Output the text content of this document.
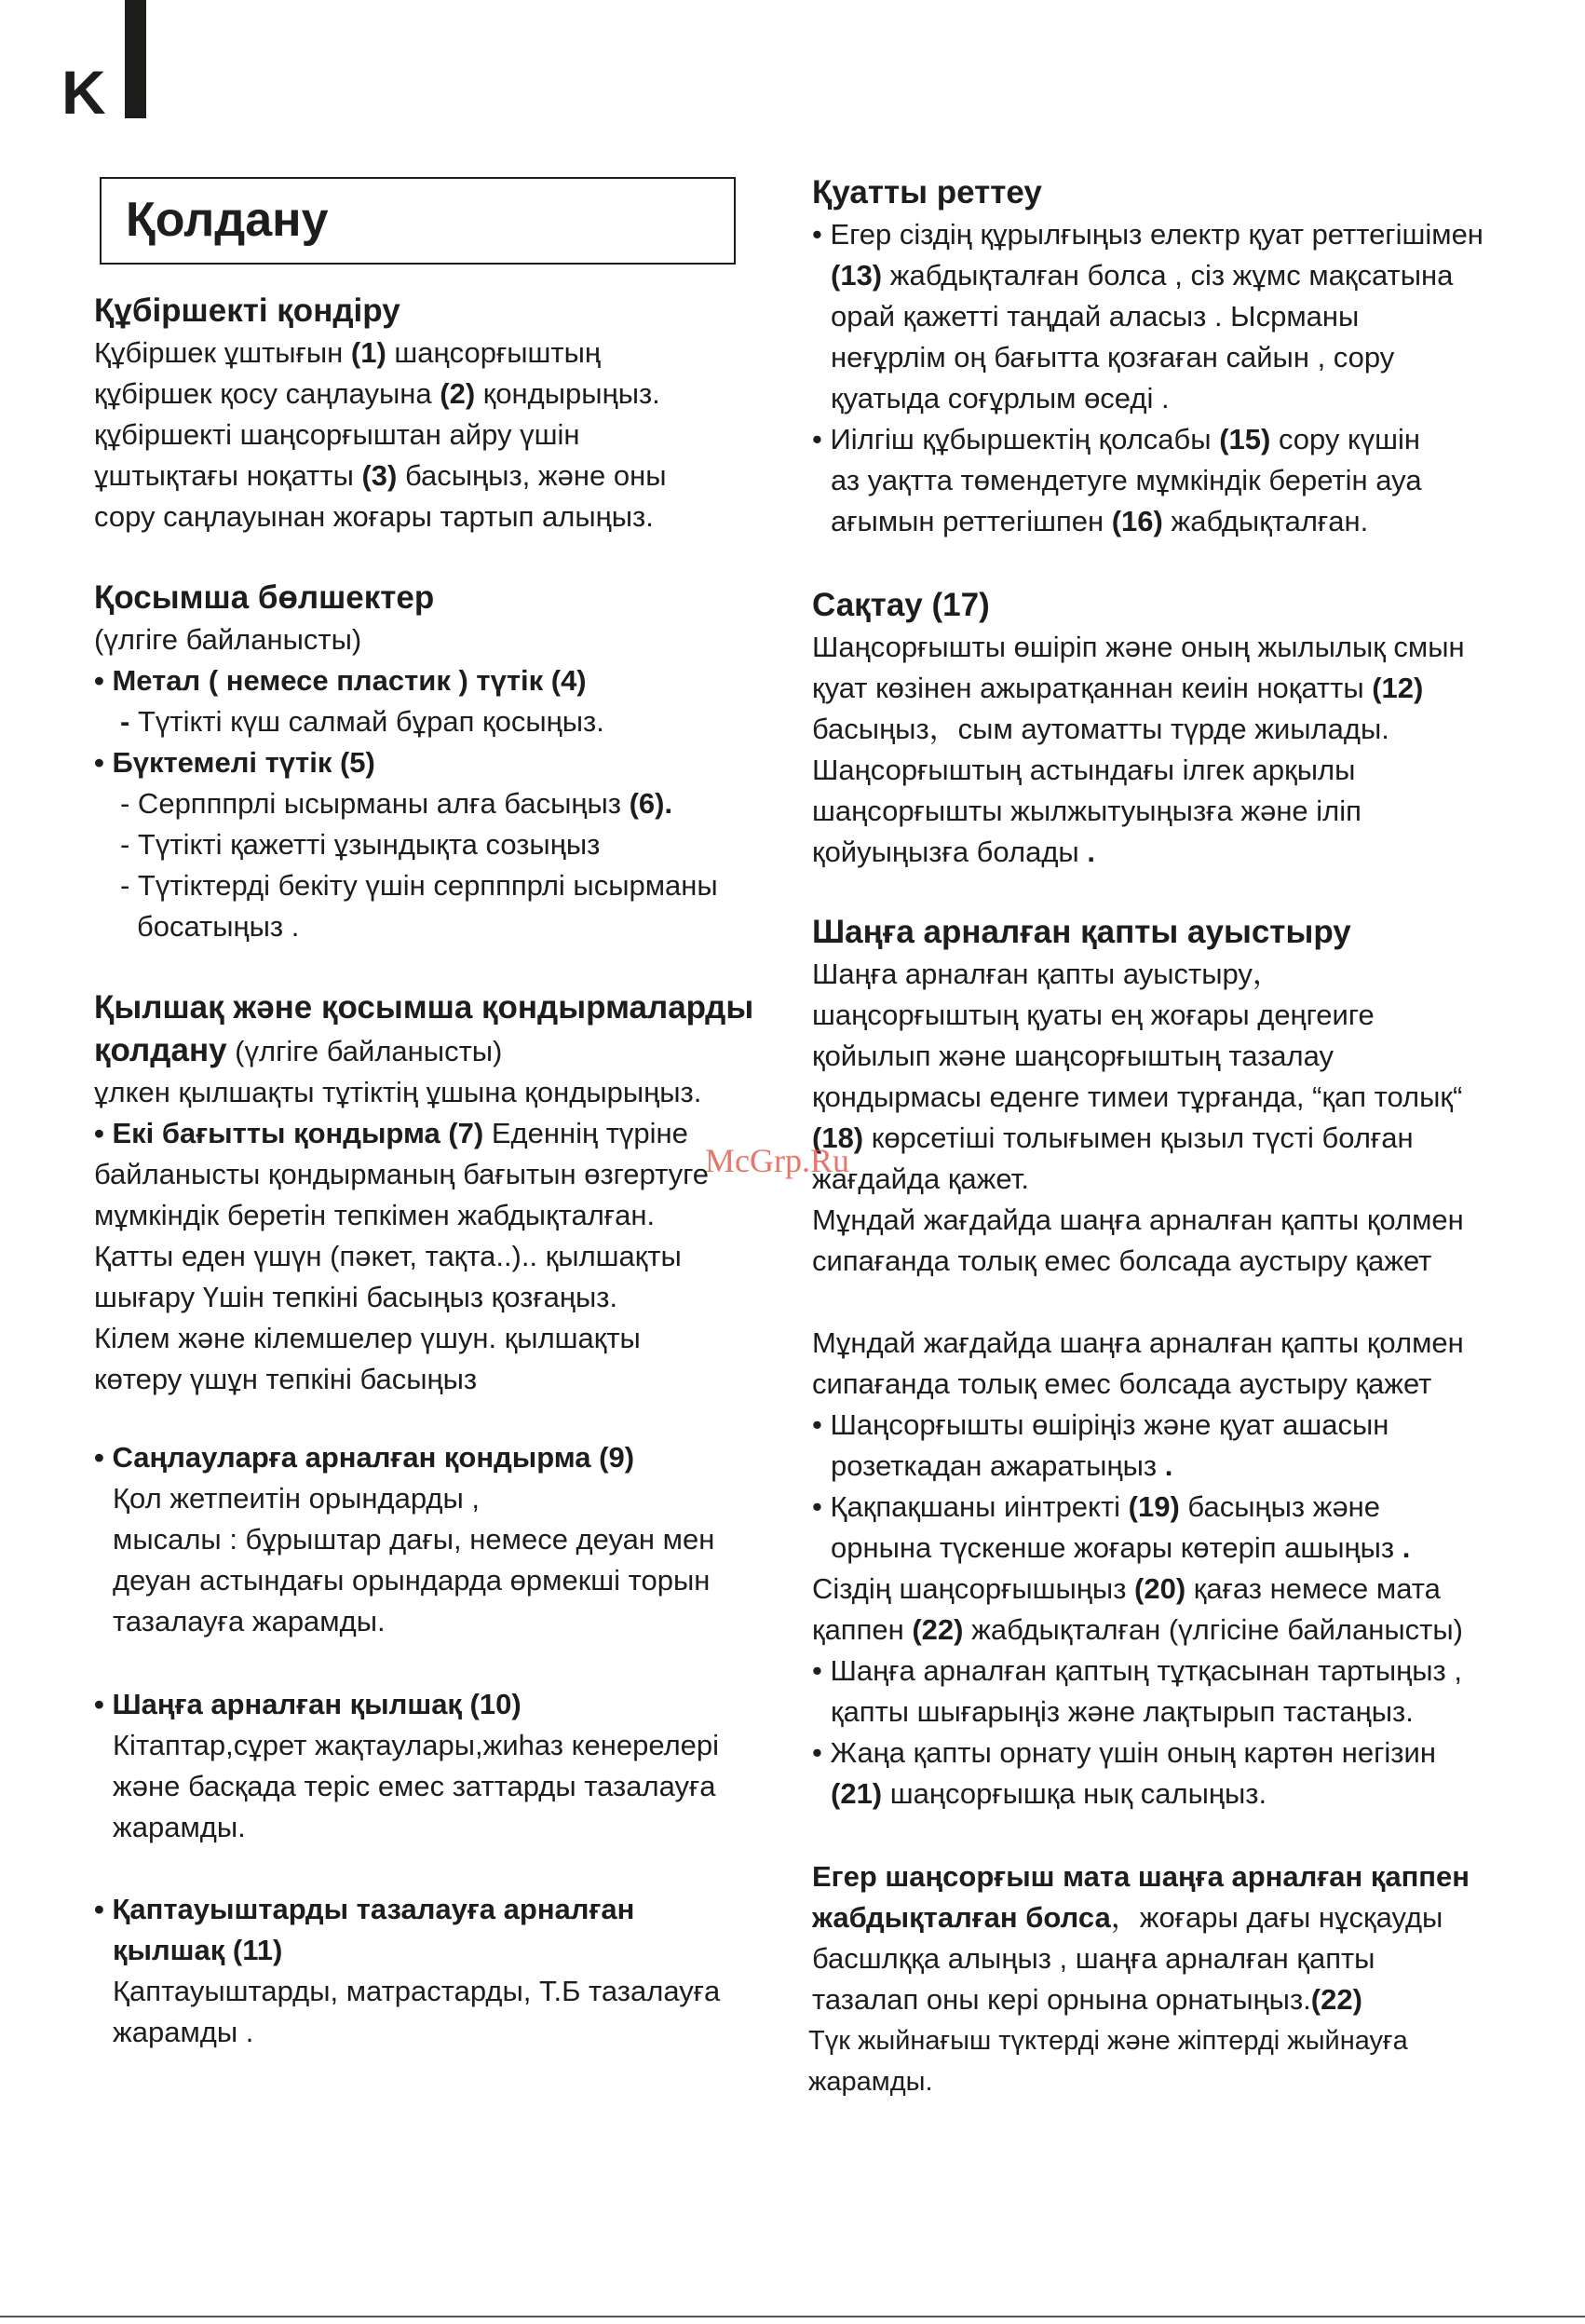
K
Қолдану
Құбіршекті қондіру

Құбіршек ұштығын (1) шаңсорғыштың

құбіршек қосу саңлауына (2) қондырыңыз.

құбіршекті шаңсорғыштан айру үшін

ұштықтағы ноқатты (3) басыңыз, және оны

сору саңлауынан жоғары тартып алыңыз.

Қосымша бөлшектер

(үлгіге байланысты)

• Метал ( немесе пластик ) түтік (4)

- Түтікті күш салмай бұрап қосыңыз.

• Бүктемелі түтік (5)

- Серпппрлі ысырманы алға басыңыз (6).

- Түтікті қажетті ұзындықта созыңыз

- Түтіктерді бекіту үшін серпппрлі ысырманы

босатыңыз .

Қылшақ және қосымша қондырмаларды
қолдану (үлгіге байланысты)

ұлкен қылшақты тұтіктің ұшына қондырыңыз.

• Екі бағытты қондырма (7) Еденнің түріне

байланысты қондырманың бағытын өзгертуге

мұмкіндік беретін тепкімен жабдықталған.

Қатты еден үшүн (пәкет, тақта..).. қылшақты

шығару Үшін тепкіні басыңыз қозғаңыз.

Кілем және кілемшелер үшун. қылшақты

көтеру үшұн тепкіні басыңыз

• Саңлауларға арналған қондырма (9)

Қол жетпеитін орындарды ,

мысалы : бұрыштар дағы, немесе деуан мен

деуан астындағы орындарда өрмекші торын

тазалауға жарамды.

• Шаңға арналған қылшақ (10)

Кітаптар,сұрет жақтаулары,жиһаз кенерелері

және басқада теріс емес заттарды тазалауға

жарамды.

• Қаптауыштарды тазалауға арналған

қылшақ (11)

Қаптауыштарды, матрастарды, Т.Б тазалауға

жарамды .

Қуатты реттеу

• Егер сіздің құрылғыңыз електр қуат реттегішімен

(13) жабдықталған болса , сіз жұмс мақсатына

орай қажетті таңдай аласыз . Ысрманы

неғұрлім оң бағытта қозғаған сайын , сору

қуатыда соғұрлым өседі .

• Иілгіш құбыршектің қолсабы (15) сору күшін

аз уақтта төмендетуге мұмкіндік беретін ауа

ағымын реттегішпен (16) жабдықталған.

Сақтау (17)

Шаңсорғышты өшіріп және оның жылылық смын

қуат көзінен ажыратқаннан кеиін ноқатты (12)

басыңыз，сым аутоматты түрде жиылады.

Шаңсорғыштың астындағы ілгек арқылы

шаңсорғышты жылжытуыңызға және іліп

қойуыңызға болады .

Шаңға арналған қапты ауыстыру

Шаңға арналған қапты ауыстыру，

шаңсорғыштың қуаты ең жоғары деңгеиге

қойылып және шаңсорғыштың тазалау

қондырмасы еденге тимеи тұрғанда, “қап толық“

(18) көрсетіші толығымен қызыл түсті болған

жағдайда қажет.

Мұндай жағдайда шаңға арналған қапты қолмен

сипағанда толық емес болсада аустыру қажет

Мұндай жағдайда шаңға арналған қапты қолмен

сипағанда толық емес болсада аустыру қажет

• Шаңсорғышты өшіріңіз және қуат ашасын

розеткадан ажаратыңыз .

• Қақпақшаны иінтректі (19) басыңыз және

орнына түскенше жоғары көтеріп ашыңыз .

Сіздің шаңсорғышыңыз (20) қағаз немесе мата

қаппен (22) жабдықталған (үлгісіне байланысты)

• Шаңға арналған қаптың тұтқасынан тартыңыз ,

қапты шығарыңіз және лақтырып тастаңыз.

• Жаңа қапты орнату үшін оның картөн негізин

(21) шаңсорғышқа нық салыңыз.

Егер шаңсорғыш мата шаңға арналған қаппен

жабдықталған болса，жоғары дағы нұсқауды

басшлққа алыңыз , шаңға арналған қапты

тазалап оны кері орнына орнатыңыз.(22)

Түк жыйнағыш түктерді және жіптерді жыйнауға

жарамды.

McGrp.Ru
